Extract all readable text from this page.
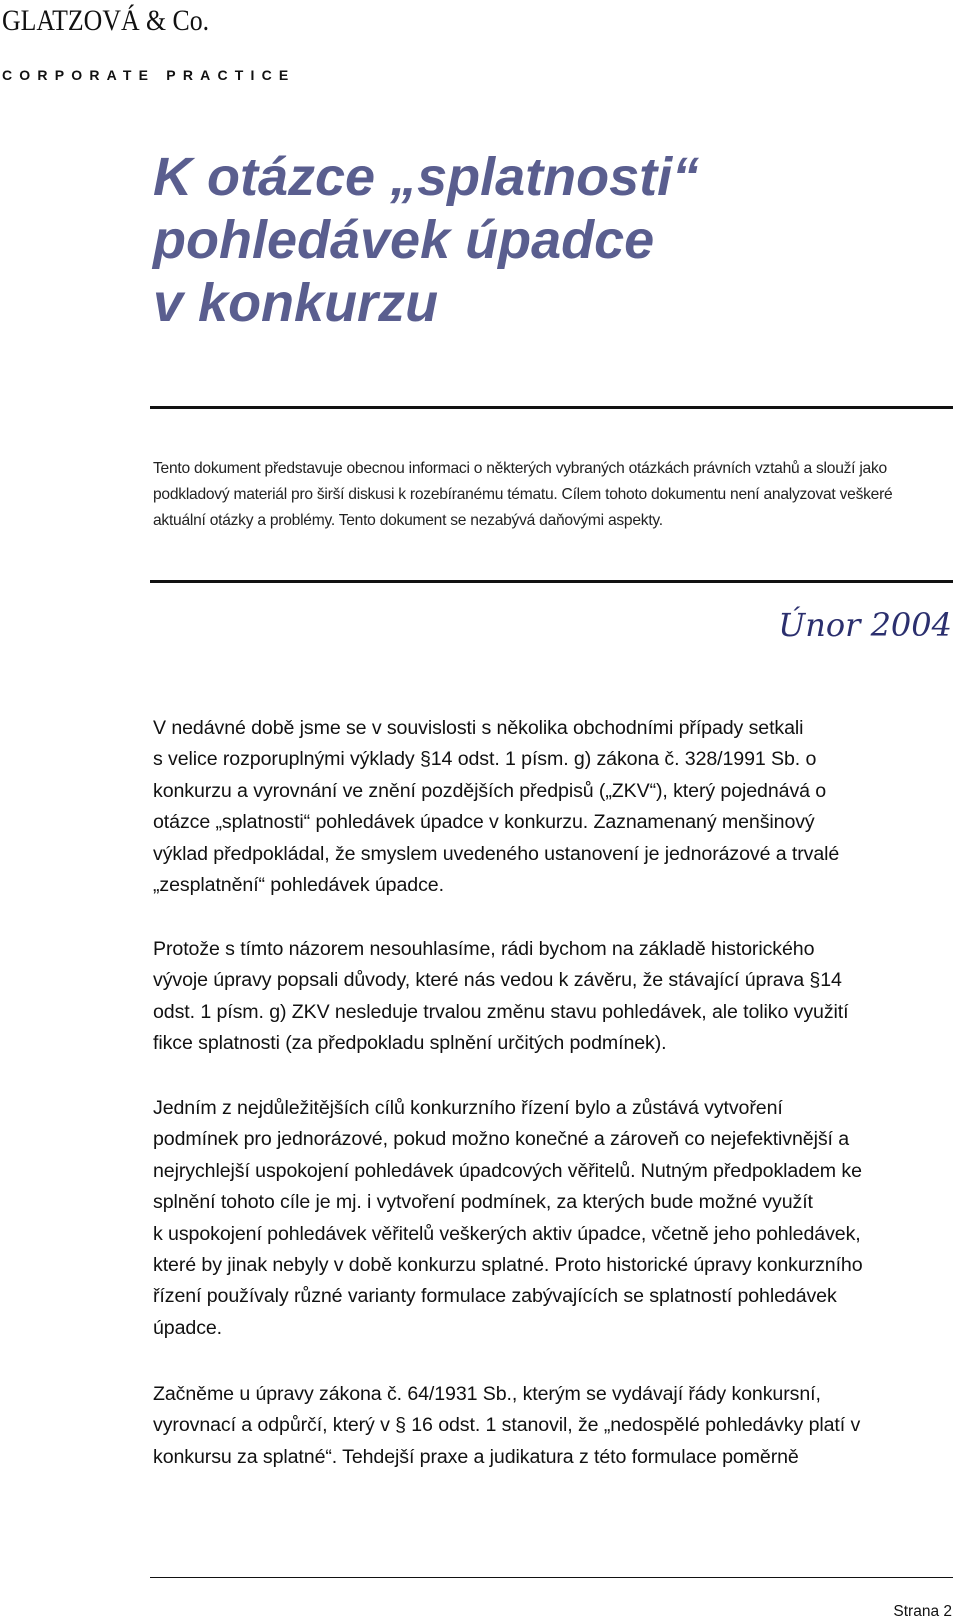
GLATZOVÁ & Co.
CORPORATE PRACTICE
K otázce „splatnosti“
pohledávek úpadce
v konkurzu
Tento dokument představuje obecnou informaci o některých vybraných otázkách právních vztahů a slouží jako
podkladový materiál pro širší diskusi k rozebíranému tématu. Cílem tohoto dokumentu není analyzovat veškeré
aktuální otázky a problémy. Tento dokument se nezabývá daňovými aspekty.
Únor 2004
V nedávné době jsme se v souvislosti s několika obchodními případy setkali
s velice rozporuplnými výklady §14 odst. 1 písm. g) zákona č. 328/1991 Sb. o
konkurzu a vyrovnání ve znění pozdějších předpisů („ZKV“), který pojednává o
otázce „splatnosti“ pohledávek úpadce v konkurzu. Zaznamenaný menšinový
výklad předpokládal, že smyslem uvedeného ustanovení je jednorázové a trvalé
„zesplatnění“ pohledávek úpadce.
Protože s tímto názorem nesouhlasíme, rádi bychom na základě historického
vývoje úpravy popsali důvody, které nás vedou k závěru, že stávající úprava §14
odst. 1 písm. g) ZKV nesleduje trvalou změnu stavu pohledávek, ale toliko využití
fikce splatnosti (za předpokladu splnění určitých podmínek).
Jedním z nejdůležitějších cílů konkurzního řízení bylo a zůstává vytvoření
podmínek pro jednorázové, pokud možno konečné a zároveň co nejefektivnější a
nejrychlejší uspokojení pohledávek úpadcových věřitelů. Nutným předpokladem ke
splnění tohoto cíle je mj. i vytvoření podmínek, za kterých bude možné využít
k uspokojení pohledávek věřitelů veškerých aktiv úpadce, včetně jeho pohledávek,
které by jinak nebyly v době konkurzu splatné. Proto historické úpravy konkurzního
řízení používaly různé varianty formulace zabývajících se splatností pohledávek
úpadce.
Začněme u úpravy zákona č. 64/1931 Sb., kterým se vydávají řády konkursní,
vyrovnací a odpůrčí, který v § 16 odst. 1 stanovil, že „nedospělé pohledávky platí v
konkursu za splatné“. Tehdejší praxe a judikatura z této formulace poměrně
Strana 2
